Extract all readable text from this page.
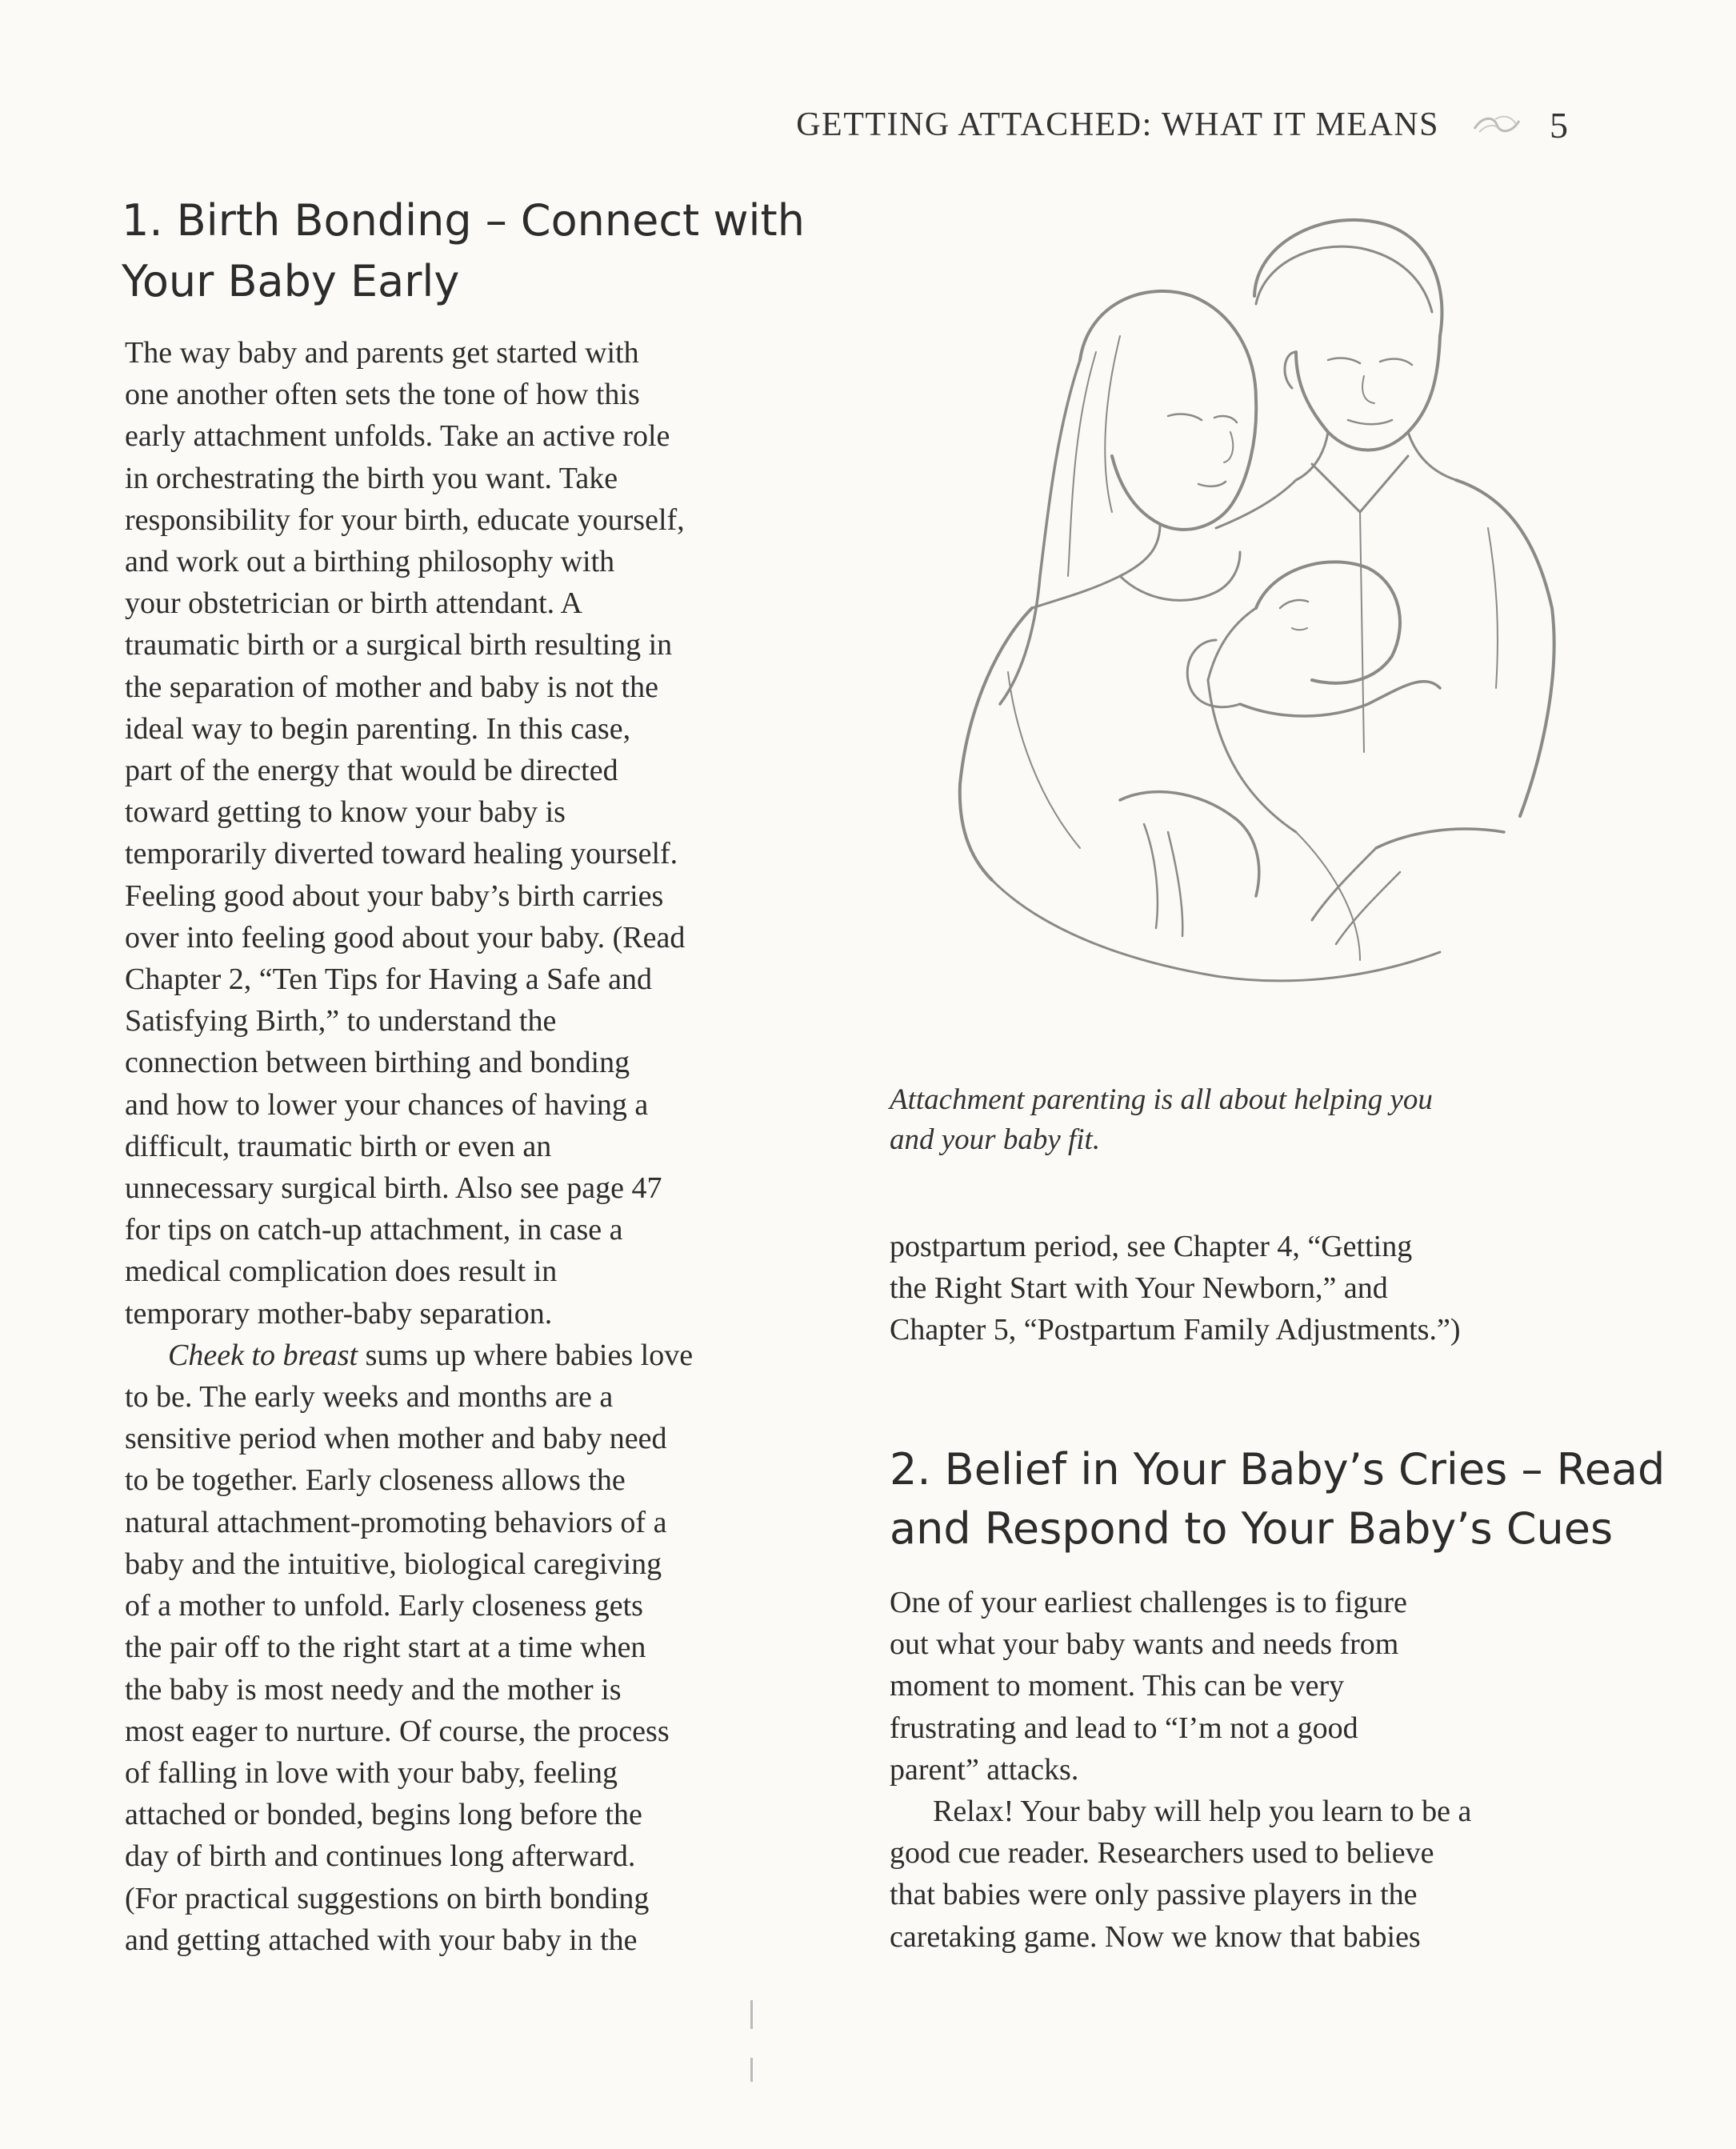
GETTING ATTACHED: WHAT IT MEANS	5
1. Birth Bonding – Connect with
Your Baby Early

The way baby and parents get started with
one another often sets the tone of how this
early attachment unfolds. Take an active role
in orchestrating the birth you want. Take
responsibility for your birth, educate yourself,
and work out a birthing philosophy with
your obstetrician or birth attendant. A
traumatic birth or a surgical birth resulting in
the separation of mother and baby is not the
ideal way to begin parenting. In this case,
part of the energy that would be directed
toward getting to know your baby is
temporarily diverted toward healing yourself.
Feeling good about your baby’s birth carries
over into feeling good about your baby. (Read
Chapter 2, “Ten Tips for Having a Safe and
Satisfying Birth,” to understand the
connection between birthing and bonding
and how to lower your chances of having a
difficult, traumatic birth or even an
unnecessary surgical birth. Also see page 47
for tips on catch-up attachment, in case a
medical complication does result in
temporary mother-baby separation.

Cheek to breast sums up where babies love
to be. The early weeks and months are a
sensitive period when mother and baby need
to be together. Early closeness allows the
natural attachment-promoting behaviors of a
baby and the intuitive, biological caregiving
of a mother to unfold. Early closeness gets
the pair off to the right start at a time when
the baby is most needy and the mother is
most eager to nurture. Of course, the process
of falling in love with your baby, feeling
attached or bonded, begins long before the
day of birth and continues long afterward.
(For practical suggestions on birth bonding
and getting attached with your baby in the

Attachment parenting is all about helping you
and your baby fit.

postpartum period, see Chapter 4, “Getting
the Right Start with Your Newborn,” and
Chapter 5, “Postpartum Family Adjustments.”)

2. Belief in Your Baby’s Cries – Read
and Respond to Your Baby’s Cues

One of your earliest challenges is to figure
out what your baby wants and needs from
moment to moment. This can be very
frustrating and lead to “I’m not a good
parent” attacks.

Relax! Your baby will help you learn to be a
good cue reader. Researchers used to believe
that babies were only passive players in the
caretaking game. Now we know that babies
